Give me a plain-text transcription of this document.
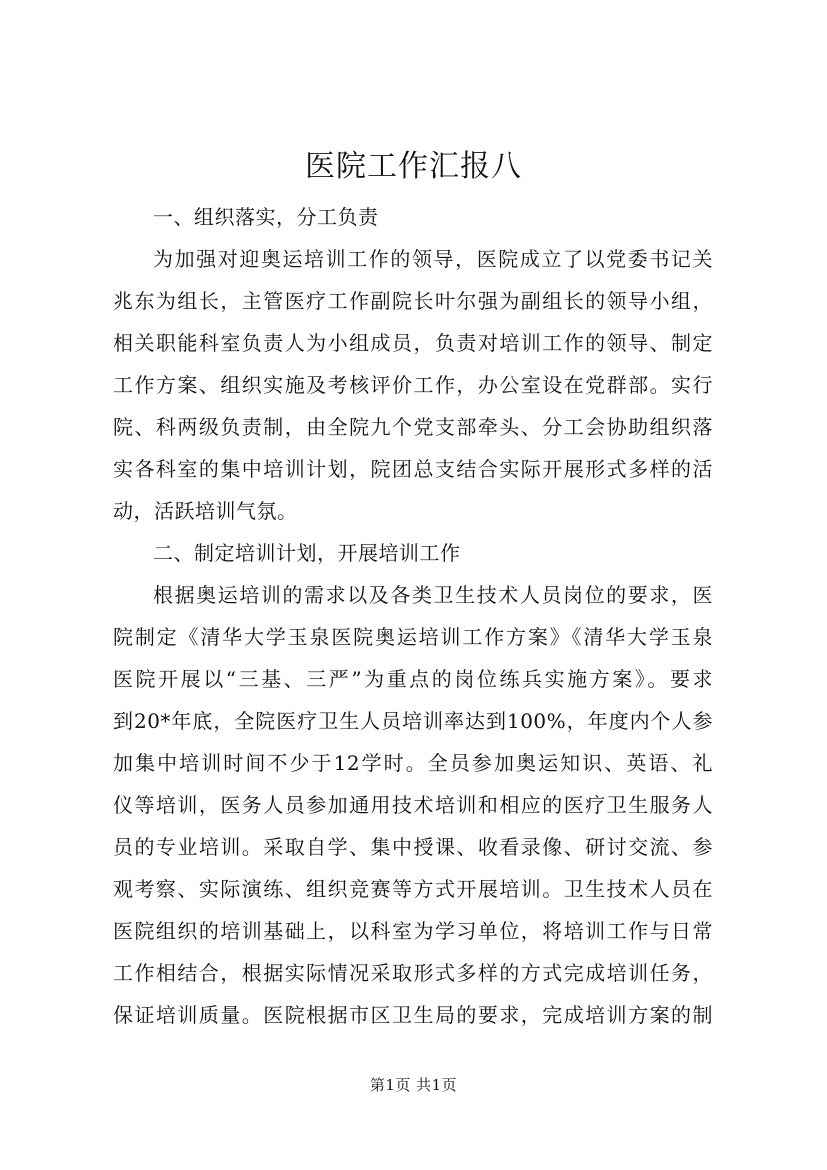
医院工作汇报八
一、组织落实，分工负责
为加强对迎奥运培训工作的领导，医院成立了以党委书记关
兆东为组长，主管医疗工作副院长叶尔强为副组长的领导小组，
相关职能科室负责人为小组成员，负责对培训工作的领导、制定
工作方案、组织实施及考核评价工作，办公室设在党群部。实行
院、科两级负责制，由全院九个党支部牵头、分工会协助组织落
实各科室的集中培训计划，院团总支结合实际开展形式多样的活
动，活跃培训气氛。
二、制定培训计划，开展培训工作
根据奥运培训的需求以及各类卫生技术人员岗位的要求，医
院制定《清华大学玉泉医院奥运培训工作方案》《清华大学玉泉
医院开展以“三基、三严”为重点的岗位练兵实施方案》。要求
到20*年底，全院医疗卫生人员培训率达到100%，年度内个人参
加集中培训时间不少于12学时。全员参加奥运知识、英语、礼
仪等培训，医务人员参加通用技术培训和相应的医疗卫生服务人
员的专业培训。采取自学、集中授课、收看录像、研讨交流、参
观考察、实际演练、组织竞赛等方式开展培训。卫生技术人员在
医院组织的培训基础上，以科室为学习单位，将培训工作与日常
工作相结合，根据实际情况采取形式多样的方式完成培训任务，
保证培训质量。医院根据市区卫生局的要求，完成培训方案的制
第1页 共1页
